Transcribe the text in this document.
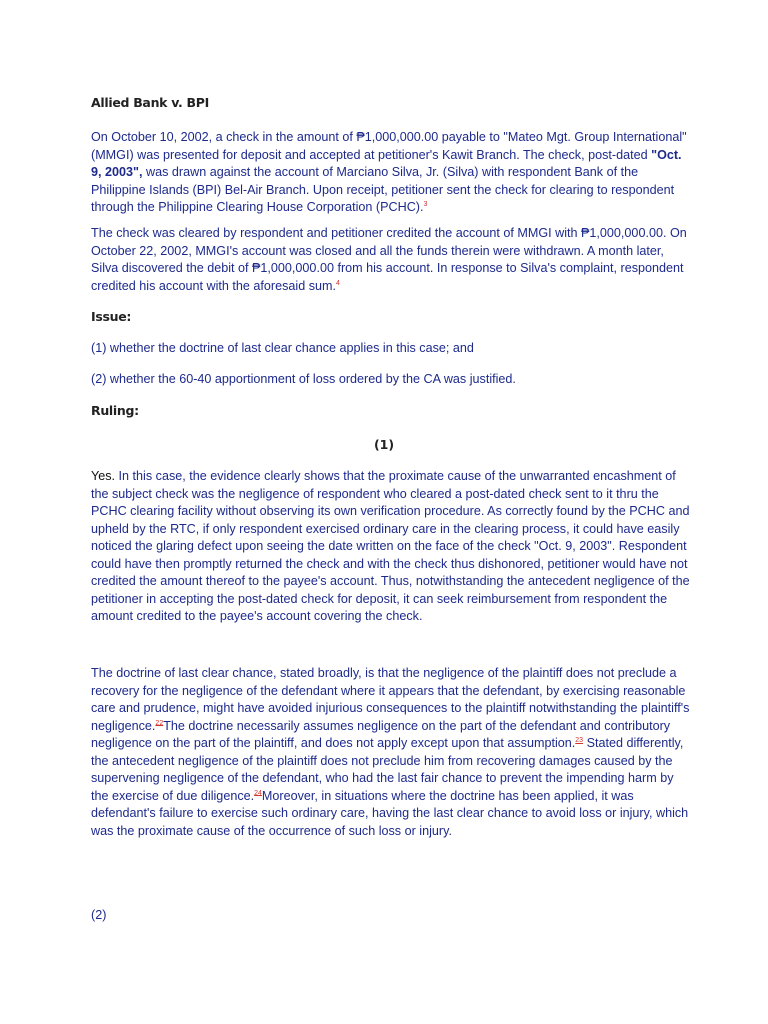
Allied Bank v. BPI

On October 10, 2002, a check in the amount of ₱1,000,000.00 payable to "Mateo Mgt. Group International" (MMGI) was presented for deposit and accepted at petitioner's Kawit Branch. The check, post-dated "Oct. 9, 2003", was drawn against the account of Marciano Silva, Jr. (Silva) with respondent Bank of the Philippine Islands (BPI) Bel-Air Branch. Upon receipt, petitioner sent the check for clearing to respondent through the Philippine Clearing House Corporation (PCHC).$^3$

The check was cleared by respondent and petitioner credited the account of MMGI with ₱1,000,000.00. On October 22, 2002, MMGI's account was closed and all the funds therein were withdrawn. A month later, Silva discovered the debit of ₱1,000,000.00 from his account. In response to Silva's complaint, respondent credited his account with the aforesaid sum.$^4$

Issue:
(1) whether the doctrine of last clear chance applies in this case; and
(2) whether the 60-40 apportionment of loss ordered by the CA was justified.
Ruling:
(1)

Yes. In this case, the evidence clearly shows that the proximate cause of the unwarranted encashment of the subject check was the negligence of respondent who cleared a post-dated check sent to it thru the PCHC clearing facility without observing its own verification procedure. As correctly found by the PCHC and upheld by the RTC, if only respondent exercised ordinary care in the clearing process, it could have easily noticed the glaring defect upon seeing the date written on the face of the check "Oct. 9, 2003". Respondent could have then promptly returned the check and with the check thus dishonored, petitioner would have not credited the amount thereof to the payee's account. Thus, notwithstanding the antecedent negligence of the petitioner in accepting the post-dated check for deposit, it can seek reimbursement from respondent the amount credited to the payee's account covering the check.

The doctrine of last clear chance, stated broadly, is that the negligence of the plaintiff does not preclude a recovery for the negligence of the defendant where it appears that the defendant, by exercising reasonable care and prudence, might have avoided injurious consequences to the plaintiff notwithstanding the plaintiff's negligence.$^{22}$The doctrine necessarily assumes negligence on the part of the defendant and contributory negligence on the part of the plaintiff, and does not apply except upon that assumption.$^{23}$ Stated differently, the antecedent negligence of the plaintiff does not preclude him from recovering damages caused by the supervening negligence of the defendant, who had the last fair chance to prevent the impending harm by the exercise of due diligence.$^{24}$Moreover, in situations where the doctrine has been applied, it was defendant's failure to exercise such ordinary care, having the last clear chance to avoid loss or injury, which was the proximate cause of the occurrence of such loss or injury.

(2)
